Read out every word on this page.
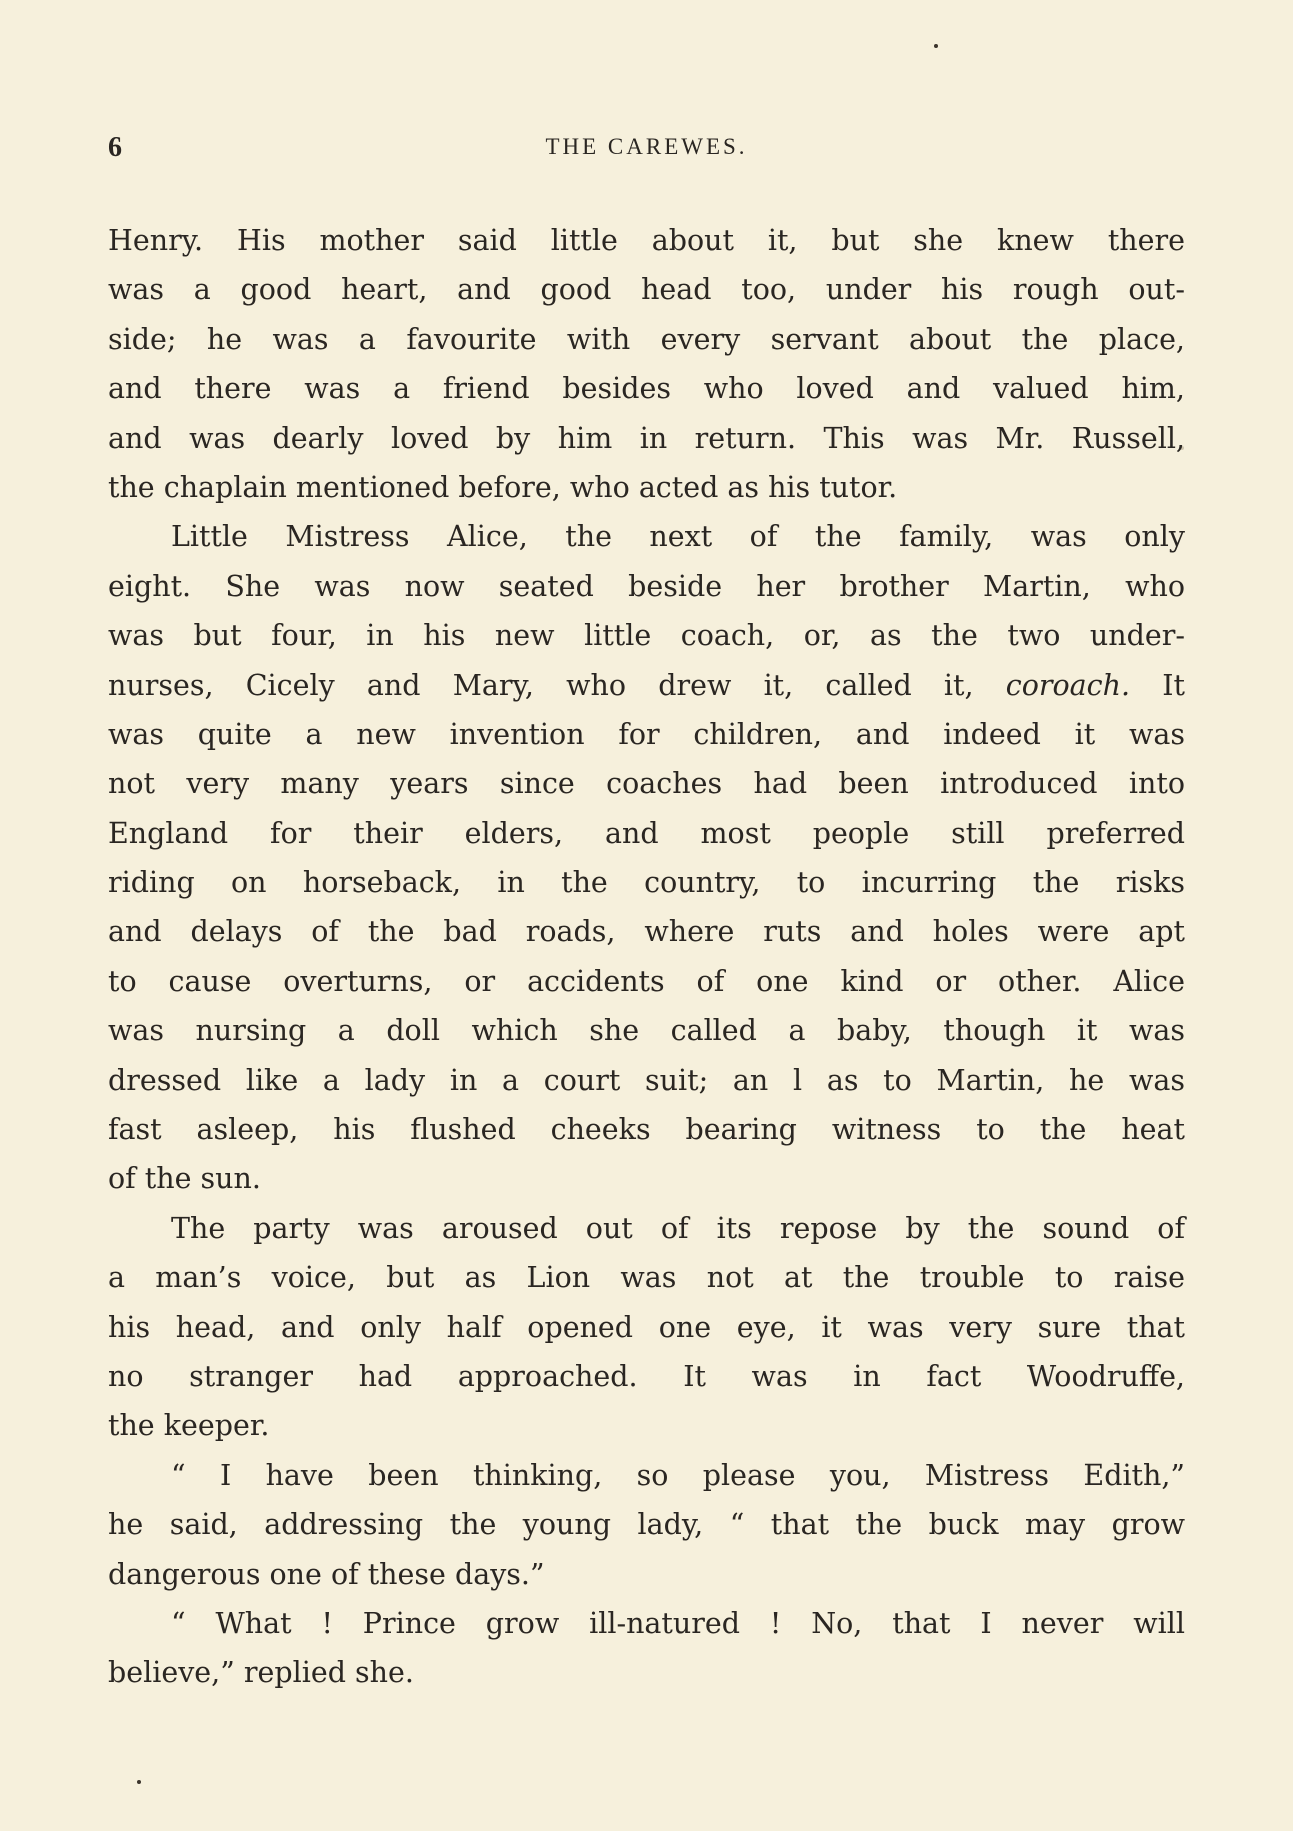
6	THE CAREWES.
Henry. His mother said little about it, but she knew there
was a good heart, and good head too, under his rough out-
side; he was a favourite with every servant about the place,
and there was a friend besides who loved and valued him,
and was dearly loved by him in return. This was Mr. Russell,
the chaplain mentioned before, who acted as his tutor.
Little Mistress Alice, the next of the family, was only
eight. She was now seated beside her brother Martin, who
was but four, in his new little coach, or, as the two under-
nurses, Cicely and Mary, who drew it, called it, coroach. It
was quite a new invention for children, and indeed it was
not very many years since coaches had been introduced into
England for their elders, and most people still preferred
riding on horseback, in the country, to incurring the risks
and delays of the bad roads, where ruts and holes were apt
to cause overturns, or accidents of one kind or other. Alice
was nursing a doll which she called a baby, though it was
dressed like a lady in a court suit; an l as to Martin, he was
fast asleep, his flushed cheeks bearing witness to the heat
of the sun.
The party was aroused out of its repose by the sound of
a man’s voice, but as Lion was not at the trouble to raise
his head, and only half opened one eye, it was very sure that
no stranger had approached. It was in fact Woodruffe,
the keeper.
“ I have been thinking, so please you, Mistress Edith,”
he said, addressing the young lady, “ that the buck may grow
dangerous one of these days.”
“ What ! Prince grow ill-natured ! No, that I never will
believe,” replied she.
